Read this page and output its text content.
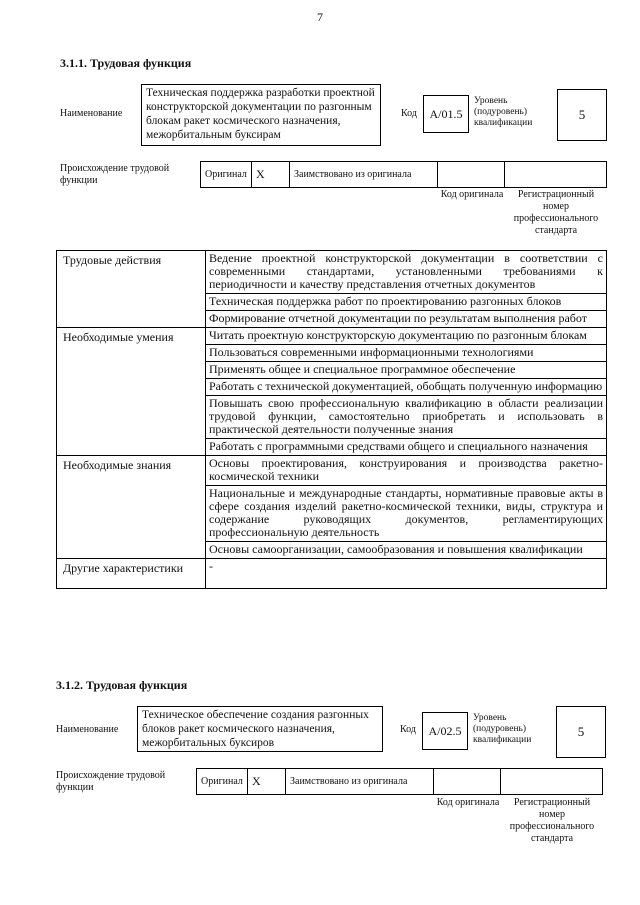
7
3.1.1. Трудовая функция
Наименование
Техническая поддержка разработки проектной конструкторской документации по разгонным блокам ракет космического назначения, межорбитальным буксирам
Код	A/01.5
Уровень (подуровень) квалификации
5
Происхождение трудовой функции
Оригинал X	Заимствовано из оригинала
Код оригинала	Регистрационный номер профессионального стандарта
Трудовые действия	Ведение проектной конструкторской документации в соответствии с современными стандартами, установленными требованиями к периодичности и качеству представления отчетных документов
	Техническая поддержка работ по проектированию разгонных блоков
	Формирование отчетной документации по результатам выполнения работ
Необходимые умения	Читать проектную конструкторскую документацию по разгонным блокам
	Пользоваться современными информационными технологиями
	Применять общее и специальное программное обеспечение
	Работать с технической документацией, обобщать полученную информацию
	Повышать свою профессиональную квалификацию в области реализации трудовой функции, самостоятельно приобретать и использовать в практической деятельности полученные знания
	Работать с программными средствами общего и специального назначения
Необходимые знания	Основы проектирования, конструирования и производства ракетно-космической техники
	Национальные и международные стандарты, нормативные правовые акты в сфере создания изделий ракетно-космической техники, виды, структура и содержание руководящих документов, регламентирующих профессиональную деятельность
	Основы самоорганизации, самообразования и повышения квалификации
Другие характеристики	-
3.1.2. Трудовая функция
Наименование
Техническое обеспечение создания разгонных блоков ракет космического назначения, межорбитальных буксиров
Код	A/02.5
Уровень (подуровень) квалификации
5
Происхождение трудовой функции
Оригинал X	Заимствовано из оригинала
Код оригинала	Регистрационный номер профессионального стандарта
